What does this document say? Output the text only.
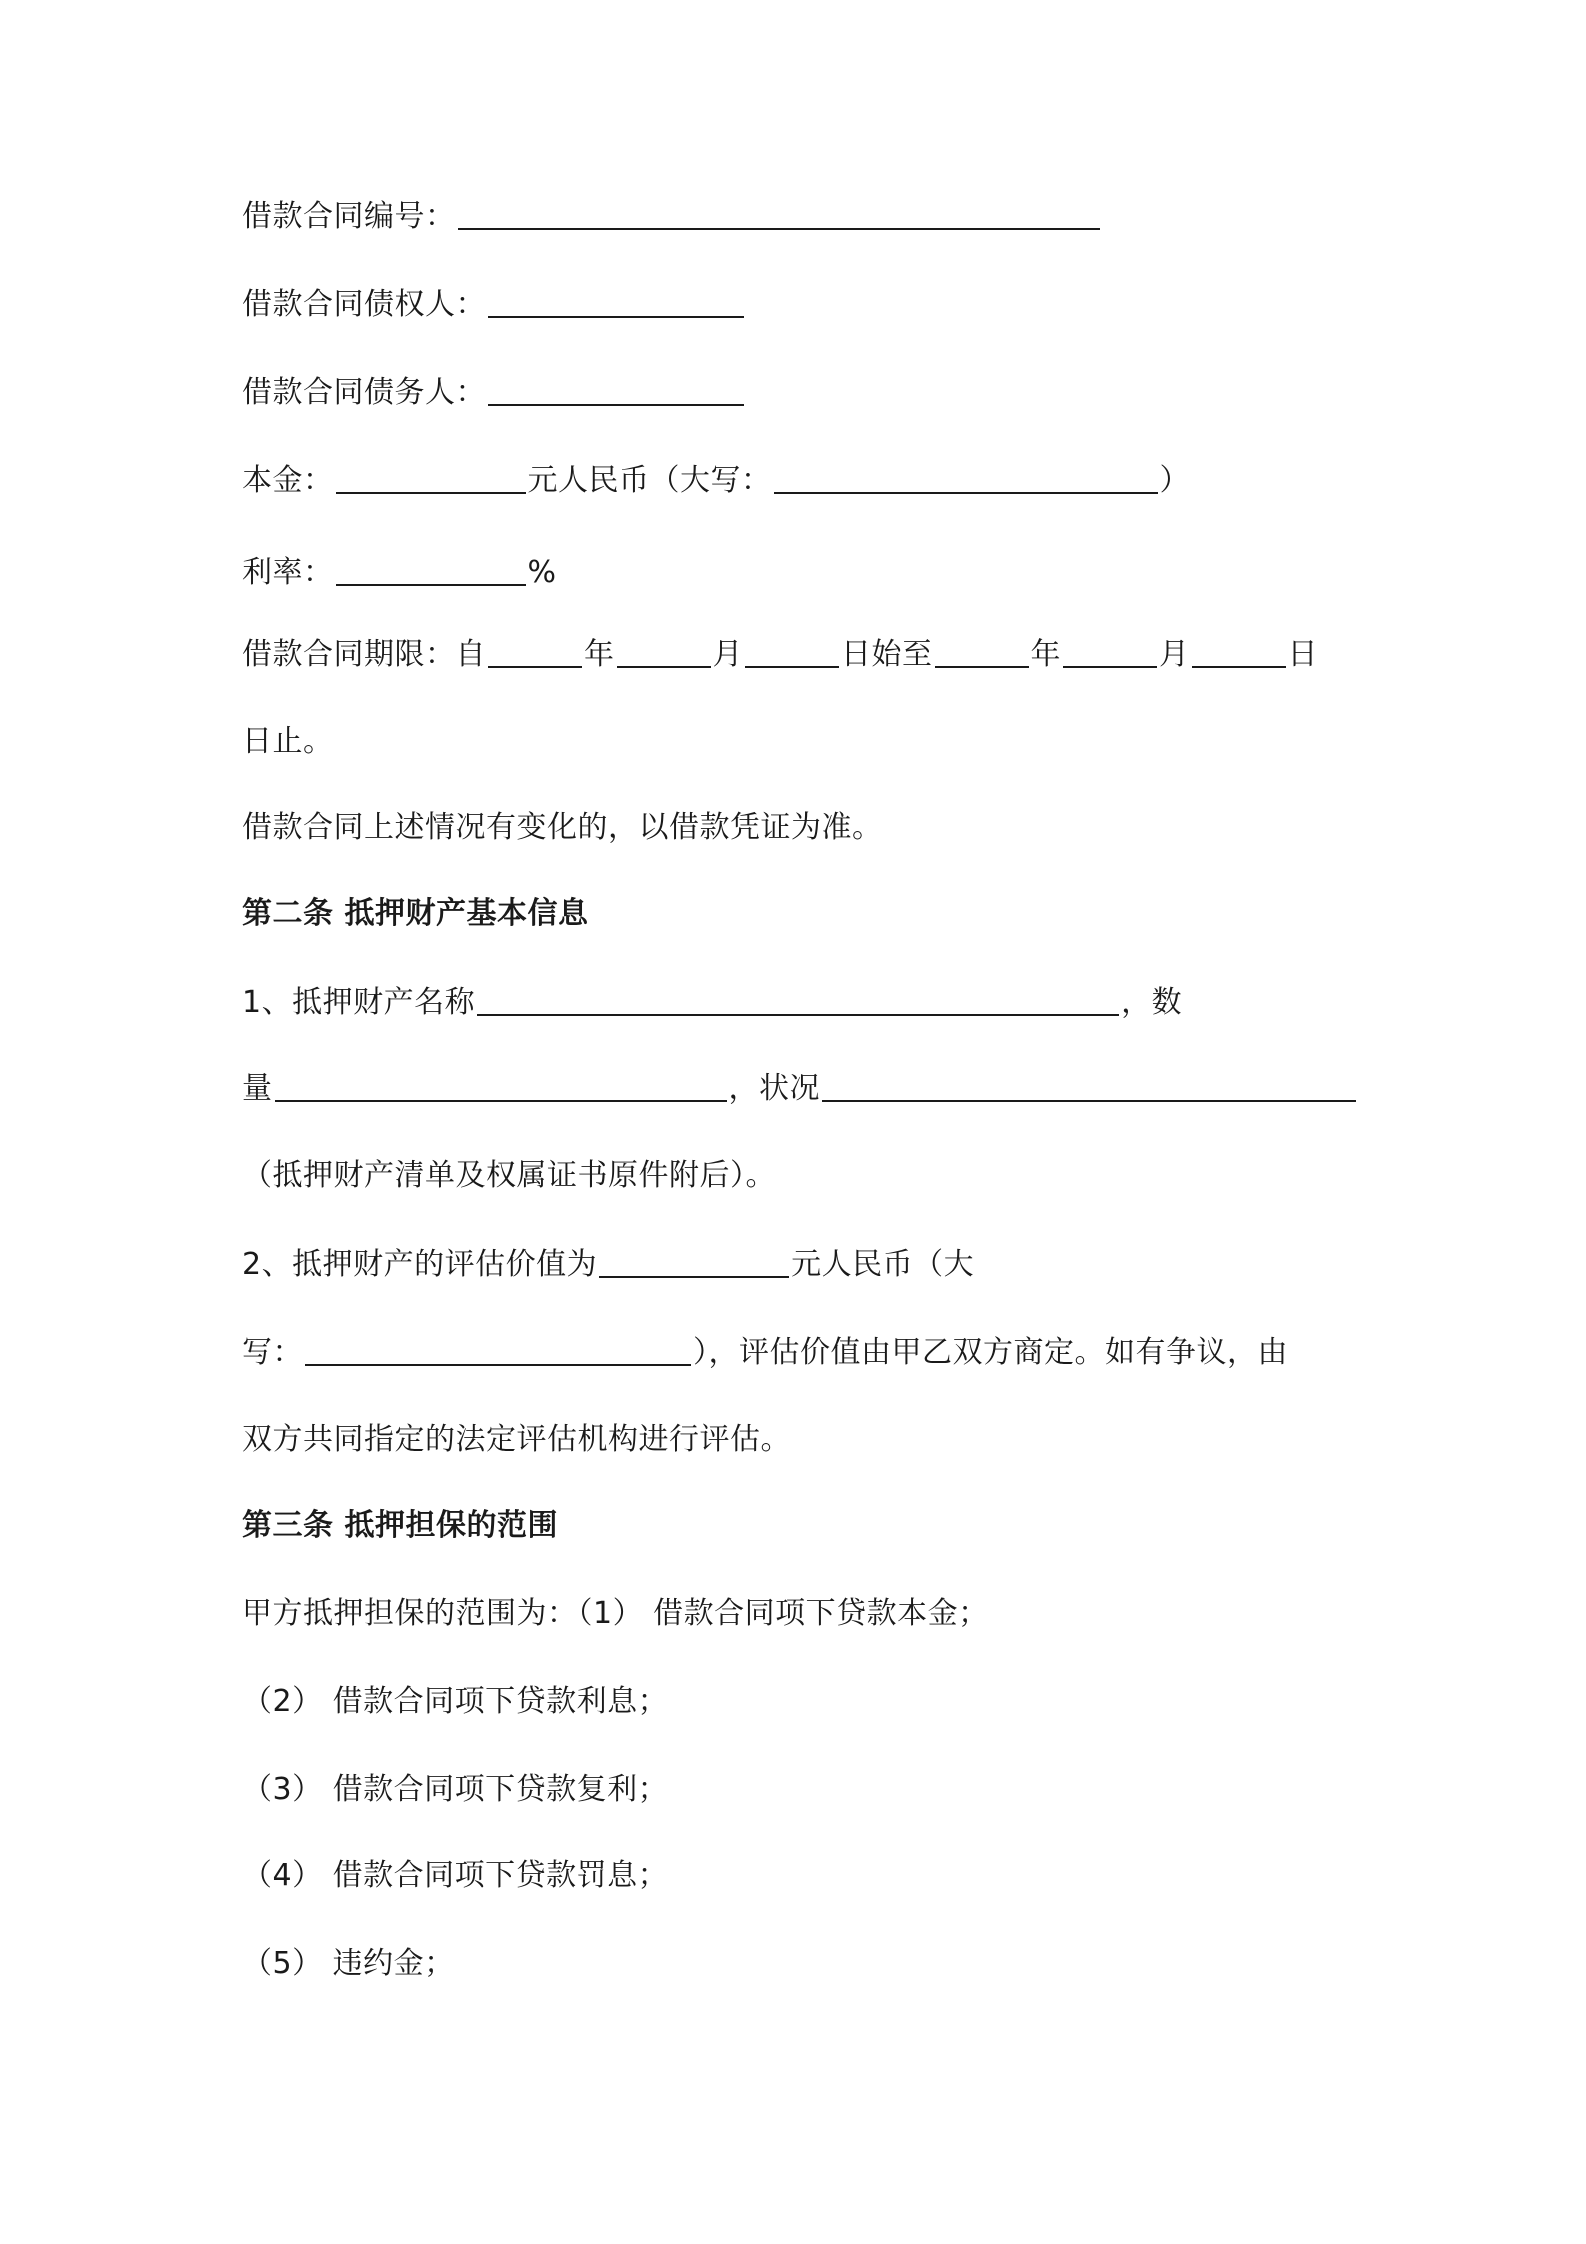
借款合同编号：
借款合同债权人：
借款合同债务人：
本金：	元人民币（大写：	）
利率：	%
借款合同期限：自	年	月	日始至	年	月	日
日止。
借款合同上述情况有变化的，以借款凭证为准。
第二条 抵押财产基本信息
1、抵押财产名称	，数
量	，状况
（抵押财产清单及权属证书原件附后）。
2、抵押财产的评估价值为	元人民币（大
写：	），评估价值由甲乙双方商定。如有争议，由
双方共同指定的法定评估机构进行评估。
第三条 抵押担保的范围
甲方抵押担保的范围为：（1） 借款合同项下贷款本金；
（2） 借款合同项下贷款利息；
（3） 借款合同项下贷款复利；
（4） 借款合同项下贷款罚息；
（5） 违约金；
